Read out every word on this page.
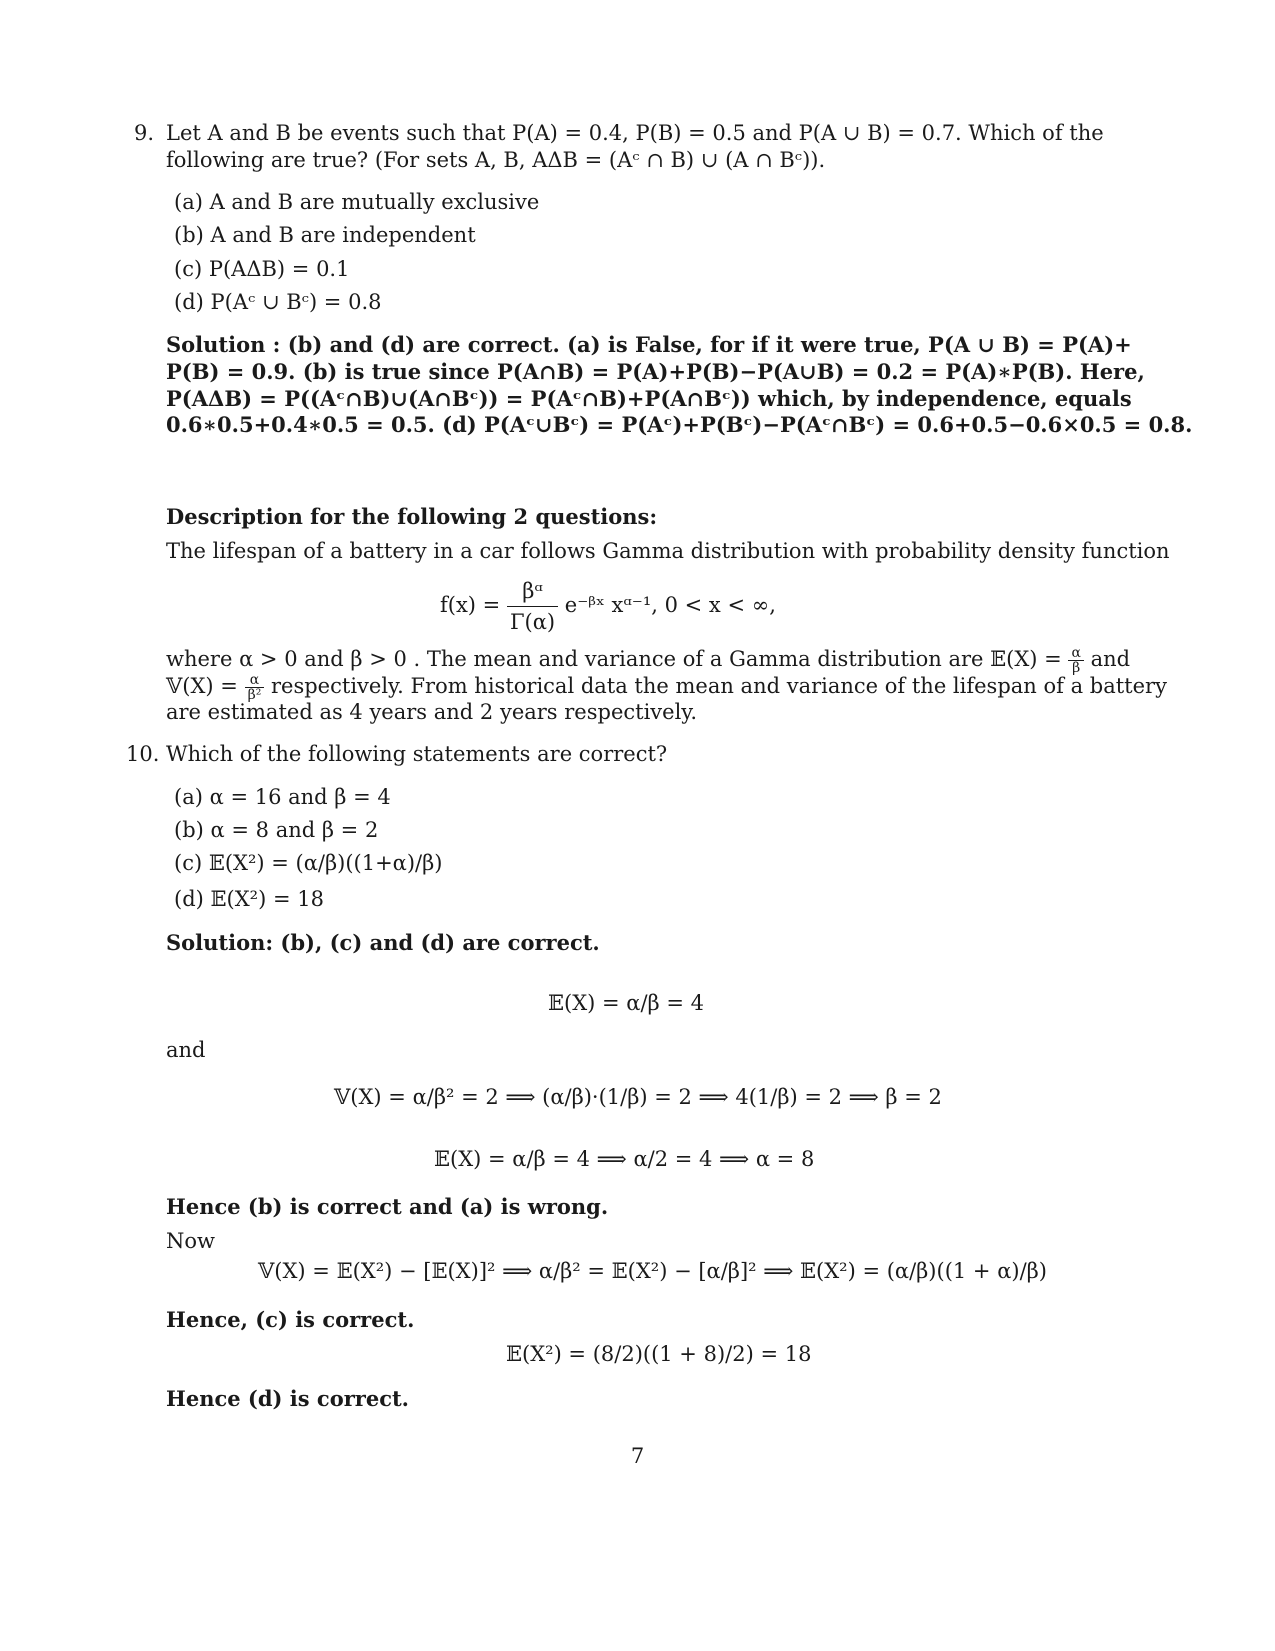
9. Let A and B be events such that P(A) = 0.4, P(B) = 0.5 and P(A ∪ B) = 0.7. Which of the
following are true? (For sets A, B, AΔB = (Aᶜ ∩ B) ∪ (A ∩ Bᶜ)).
(a) A and B are mutually exclusive
(b) A and B are independent
(c) P(AΔB) = 0.1
(d) P(Aᶜ ∪ Bᶜ) = 0.8
Solution : (b) and (d) are correct. (a) is False, for if it were true, P(A ∪ B) = P(A)+
P(B) = 0.9. (b) is true since P(A∩B) = P(A)+P(B)−P(A∪B) = 0.2 = P(A)∗P(B). Here,
P(AΔB) = P((Aᶜ∩B)∪(A∩Bᶜ)) = P(Aᶜ∩B)+P(A∩Bᶜ)) which, by independence, equals
0.6∗0.5+0.4∗0.5 = 0.5. (d) P(Aᶜ∪Bᶜ) = P(Aᶜ)+P(Bᶜ)−P(Aᶜ∩Bᶜ) = 0.6+0.5−0.6×0.5 = 0.8.
Description for the following 2 questions:
The lifespan of a battery in a car follows Gamma distribution with probability density function
$f(x) = \frac{\text{βᵅ}}{\Gamma(\alpha)}$ e⁻ᵝˣ xᵅ⁻¹, 0 < x < ∞,
where α > 0 and β > 0 . The mean and variance of a Gamma distribution are 𝔼(X) = $\frac{\alpha}{\beta}$ and
𝕍(X) = $\frac{\alpha}{\text{β²}}$ respectively. From historical data the mean and variance of the lifespan of a battery
are estimated as 4 years and 2 years respectively.
10. Which of the following statements are correct?
(a) α = 16 and β = 4
(b) α = 8 and β = 2
(c) 𝔼(X²) = (α/β)((1+α)/β)
(d) 𝔼(X²) = 18
Solution: (b), (c) and (d) are correct.
𝔼(X) = α/β = 4
and
𝕍(X) = α/β² = 2 ⟹ (α/β)·(1/β) = 2 ⟹ 4(1/β) = 2 ⟹ β = 2
𝔼(X) = α/β = 4 ⟹ α/2 = 4 ⟹ α = 8
Hence (b) is correct and (a) is wrong.
Now
𝕍(X) = 𝔼(X²) − [𝔼(X)]² ⟹ α/β² = 𝔼(X²) − [α/β]² ⟹ 𝔼(X²) = (α/β)((1 + α)/β)
Hence, (c) is correct.
𝔼(X²) = (8/2)((1 + 8)/2) = 18
Hence (d) is correct.
7
